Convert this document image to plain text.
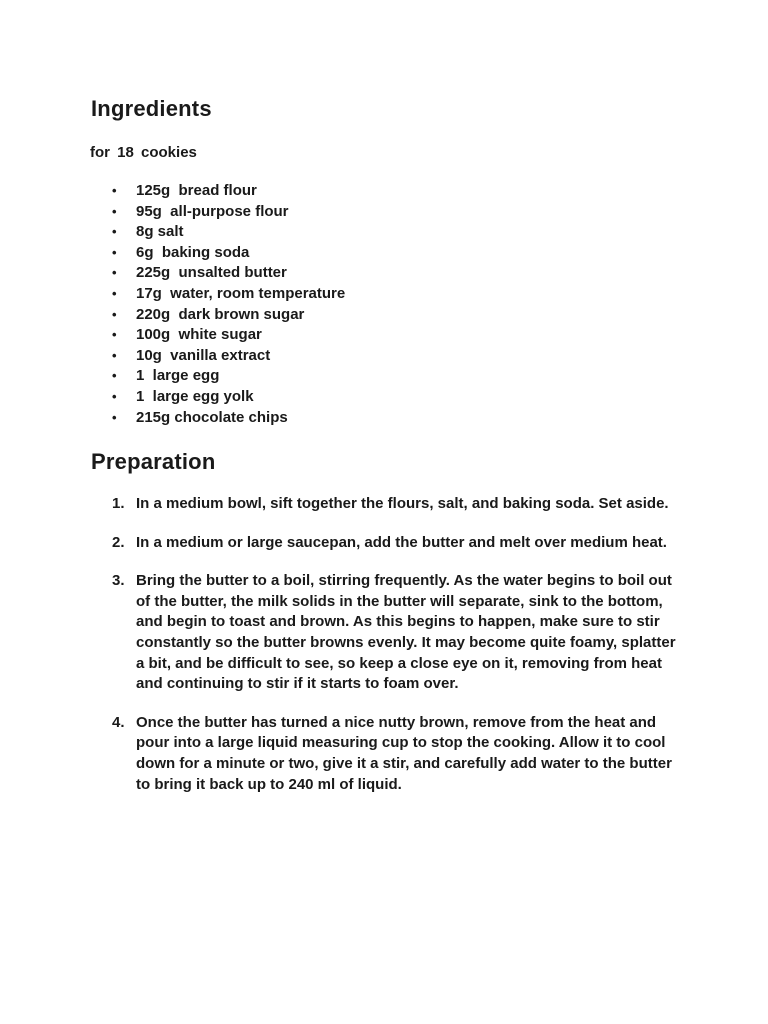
Ingredients
for 18 cookies
•	125g  bread flour
•	95g  all-purpose flour
•	8g salt
•	6g  baking soda
•	225g  unsalted butter
•	17g  water, room temperature
•	220g  dark brown sugar
•	100g  white sugar
•	10g  vanilla extract
•	1  large egg
•	1  large egg yolk
•	215g chocolate chips
Preparation
1. In a medium bowl, sift together the flours, salt, and baking soda. Set aside.
2. In a medium or large saucepan, add the butter and melt over medium heat.
3. Bring the butter to a boil, stirring frequently. As the water begins to boil out of the butter, the milk solids in the butter will separate, sink to the bottom, and begin to toast and brown. As this begins to happen, make sure to stir constantly so the butter browns evenly. It may become quite foamy, splatter a bit, and be difficult to see, so keep a close eye on it, removing from heat and continuing to stir if it starts to foam over.
4. Once the butter has turned a nice nutty brown, remove from the heat and pour into a large liquid measuring cup to stop the cooking. Allow it to cool down for a minute or two, give it a stir, and carefully add water to the butter to bring it back up to 240 ml of liquid.
